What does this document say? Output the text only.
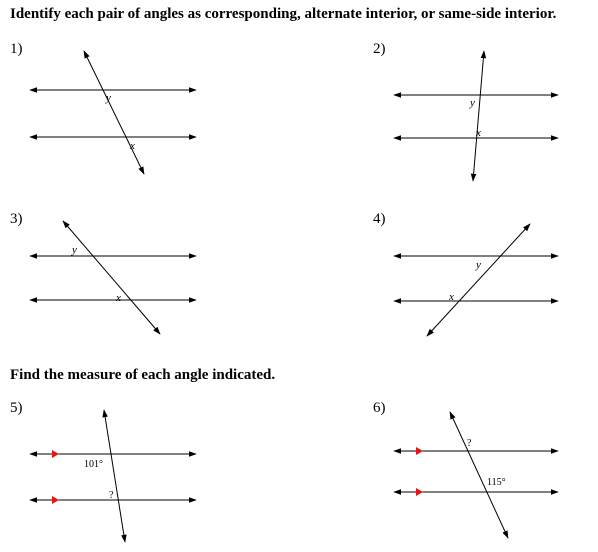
Identify each pair of angles as corresponding, alternate interior, or same-side interior.
Find the measure of each angle indicated.
1)	2)
3)	4)
5)	6)
y
x
y
x
y
x
y
x
101°
?
?
115°
